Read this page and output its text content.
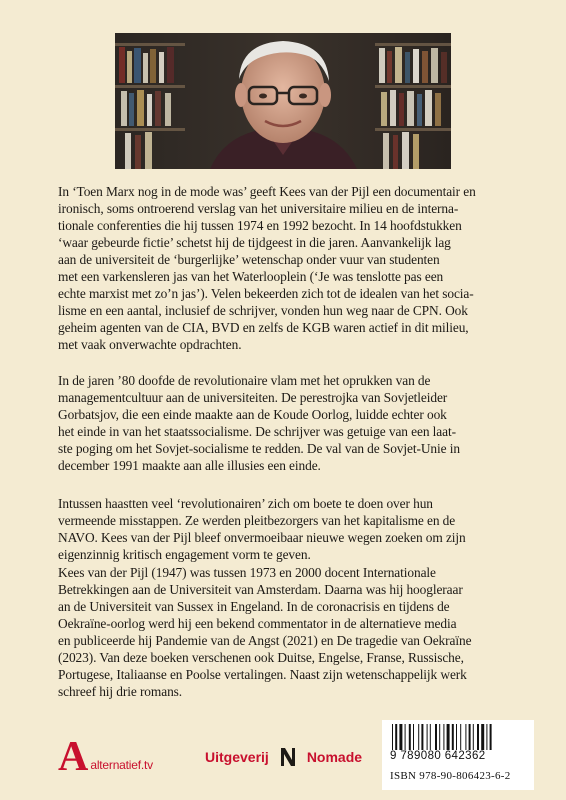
In ‘Toen Marx nog in de mode was’ geeft Kees van der Pijl een documentair en

ironisch, soms ontroerend verslag van het universitaire milieu en de interna-

tionale conferenties die hij tussen 1974 en 1992 bezocht. In 14 hoofdstukken

‘waar gebeurde fictie’ schetst hij de tijdgeest in die jaren. Aanvankelijk lag

aan de universiteit de ‘burgerlijke’ wetenschap onder vuur van studenten

met een varkensleren jas van het Waterlooplein (‘Je was tenslotte pas een

echte marxist met zo’n jas’). Velen bekeerden zich tot de idealen van het socia-

lisme en een aantal, inclusief de schrijver, vonden hun weg naar de CPN. Ook

geheim agenten van de CIA, BVD en zelfs de KGB waren actief in dit milieu,

met vaak onverwachte opdrachten.

In de jaren ’80 doofde de revolutionaire vlam met het oprukken van de

managementcultuur aan de universiteiten. De perestrojka van Sovjetleider

Gorbatsjov, die een einde maakte aan de Koude Oorlog, luidde echter ook

het einde in van het staatssocialisme. De schrijver was getuige van een laat-

ste poging om het Sovjet-socialisme te redden. De val van de Sovjet-Unie in

december 1991 maakte aan alle illusies een einde.

Intussen haastten veel ‘revolutionairen’ zich om boete te doen over hun

vermeende misstappen. Ze werden pleitbezorgers van het kapitalisme en de

NAVO. Kees van der Pijl bleef onvermoeibaar nieuwe wegen zoeken om zijn

eigenzinnig kritisch engagement vorm te geven.

Kees van der Pijl (1947) was tussen 1973 en 2000 docent Internationale

Betrekkingen aan de Universiteit van Amsterdam. Daarna was hij hoogleraar

an de Universiteit van Sussex in Engeland. In de coronacrisis en tijdens de

Oekraïne-oorlog werd hij een bekend commentator in de alternatieve media

en publiceerde hij Pandemie van de Angst (2021) en De tragedie van Oekraïne

(2023). Van deze boeken verschenen ook Duitse, Engelse, Franse, Russische,

Portugese, Italiaanse en Poolse vertalingen. Naast zijn wetenschappelijk werk

schreef hij drie romans.

A alternatief.tv	Uitgeverij	Nomade 9 789080 642362
ISBN 978-90-806423-6-2
